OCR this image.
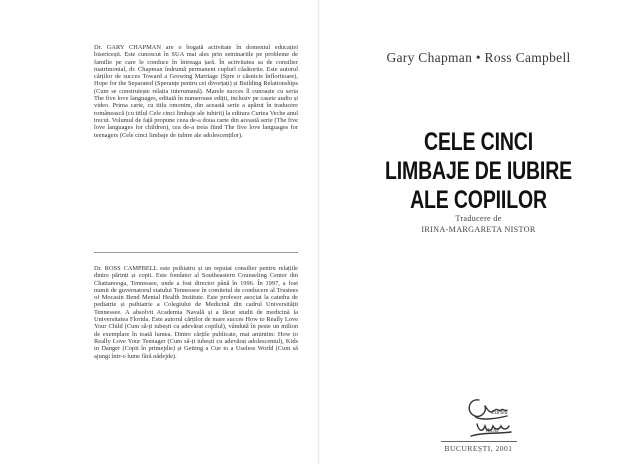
Dr. GARY CHAPMAN are o bogată activitate în domeniul educației bisericești. Este cunoscut în SUA mai ales prin seminariile pe probleme de familie pe care le conduce în întreaga țară. În activitatea sa de consilier matrimonial, dr. Chapman îndrumă permanent cuplurî căsătorite. Este autorul cărților de succes Toward a Growing Marriage (Spre o căsnicie înfloritoare), Hope for the Separated (Speranțe pentru cei divorțați) și Building Relationships (Cum se construiește relația interumană). Marele succes îl cunoaște cu seria The five love languages, editată în numeroase ediții, inclusiv pe casete audio și video. Prima carte, cu titlu omonim, din această serie a apărut în traducere românească (cu titlul Cele cinci limbaje ale iubirii) la editura Curtea Veche anul trecut. Volumul de față propune ceea de-a doua carte din această serie (The five love languages for children), cea de-a treia fiind The five love languages for teenagers (Cele cinci limbaje de iubire ale adolescenților).

Dr. ROSS CAMPBELL este psihiatru și un reputat consilier pentru relațiile dintre părinți și copii. Este fondator al Southeastern Counseling Center din Chattanooga, Tennessee, unde a fost director până în 1996. În 1997, a fost numit de guvernatorul statului Tennessee în comitetul de conducere al Trustees of Mocasin Bend Mental Health Institute. Este profesor asociat la catedra de pediatrie și psihiatrie a Colegiului de Medicină din cadrul Universității Tennessee. A absolvit Academia Navală și a făcut studii de medicină la Universitatea Florida. Este autorul cărților de mare succes How to Really Love Your Child (Cum să-ți iubești cu adevărat copilul), vândută în peste un milion de exemplare în toată lumea. Dintre cărțile publicate, mai amintim: How to Really Love Your Teenager (Cum să-ți iubești cu adevărat adolescentul), Kids in Danger (Copii în primejdie) și Getting a Cue to a Useless World (Cum să ajungi într-o lume fără nădejde).

Gary Chapman • Ross Campbell
CELE CINCI
LIMBAJE DE IUBIRE
ALE COPIILOR
Traducere de
IRINA-MARGARETA NISTOR
Curtea
Veche
BUCUREȘTI, 2001
